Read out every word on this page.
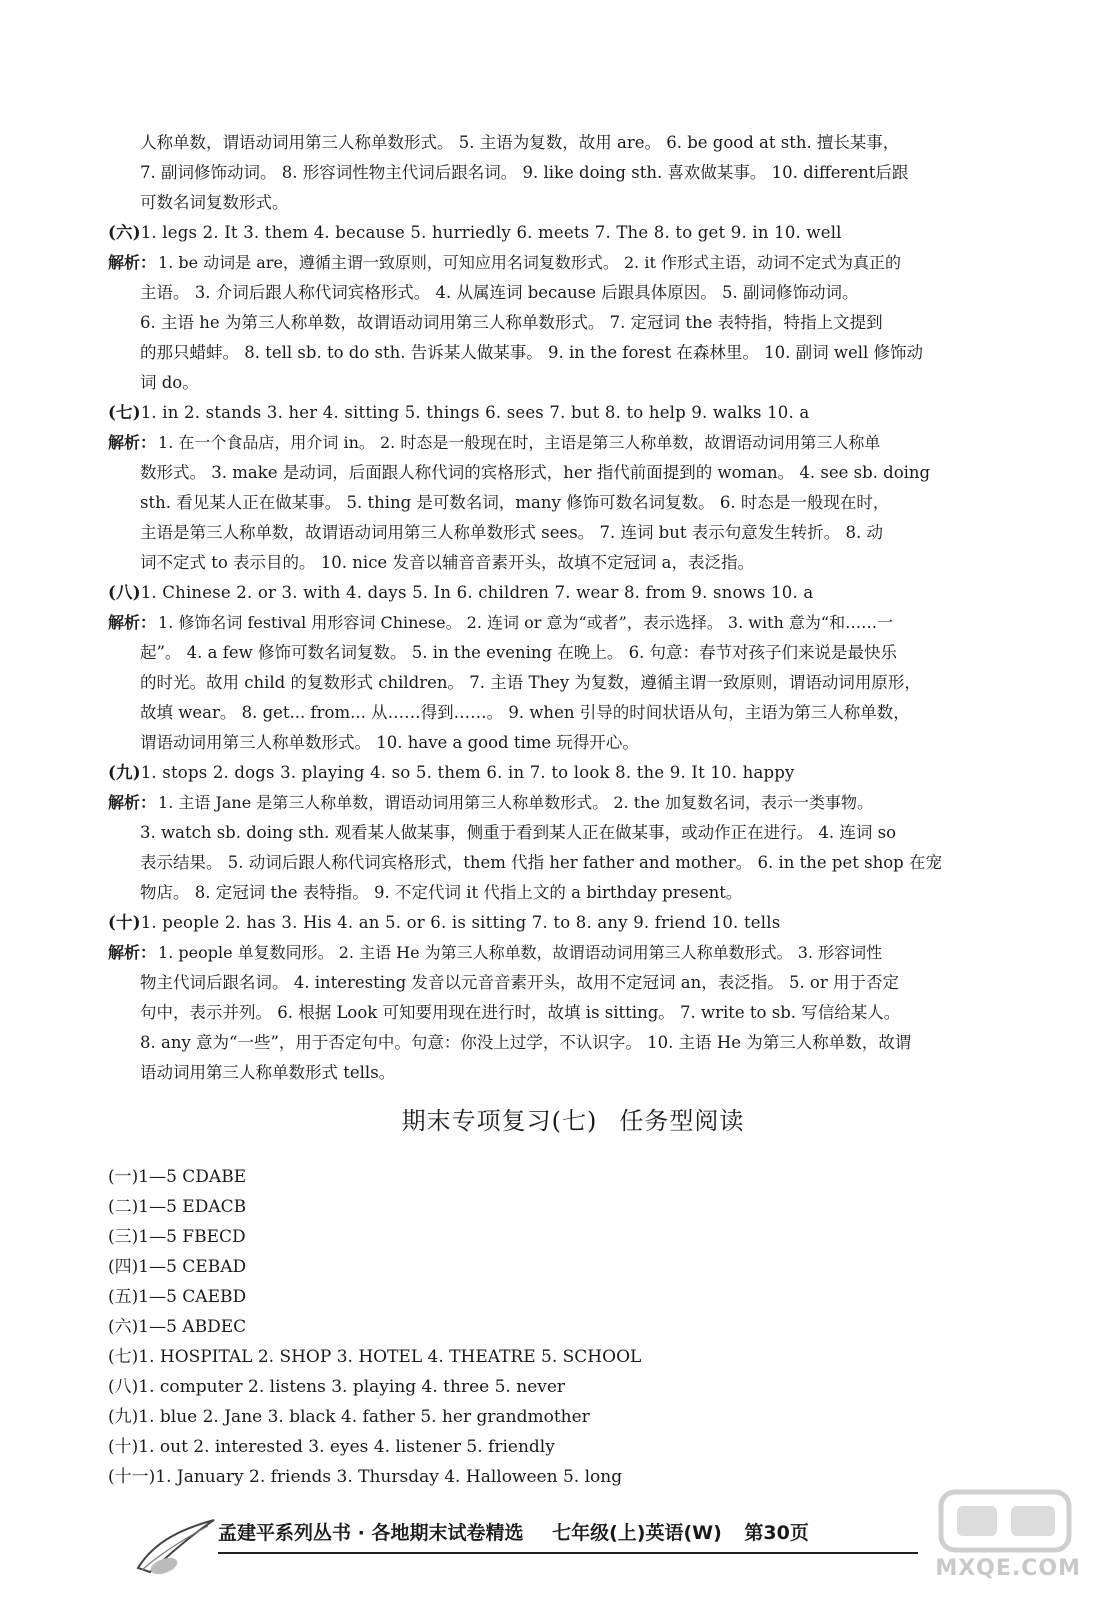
人称单数，谓语动词用第三人称单数形式。 5. 主语为复数，故用 are。 6. be good at sth. 擅长某事，
7. 副词修饰动词。 8. 形容词性物主代词后跟名词。 9. like doing sth. 喜欢做某事。 10. different后跟
可数名词复数形式。
(六)1. legs 2. It 3. them 4. because 5. hurriedly 6. meets 7. The 8. to get 9. in 10. well
解析： 1. be 动词是 are，遵循主谓一致原则，可知应用名词复数形式。 2. it 作形式主语，动词不定式为真正的
主语。 3. 介词后跟人称代词宾格形式。 4. 从属连词 because 后跟具体原因。 5. 副词修饰动词。
6. 主语 he 为第三人称单数，故谓语动词用第三人称单数形式。 7. 定冠词 the 表特指，特指上文提到
的那只蜡蚌。 8. tell sb. to do sth. 告诉某人做某事。 9. in the forest 在森林里。 10. 副词 well 修饰动
词 do。
(七)1. in 2. stands 3. her 4. sitting 5. things 6. sees 7. but 8. to help 9. walks 10. a
解析： 1. 在一个食品店，用介词 in。 2. 时态是一般现在时，主语是第三人称单数，故谓语动词用第三人称单
数形式。 3. make 是动词，后面跟人称代词的宾格形式，her 指代前面提到的 woman。 4. see sb. doing
sth. 看见某人正在做某事。 5. thing 是可数名词，many 修饰可数名词复数。 6. 时态是一般现在时，
主语是第三人称单数，故谓语动词用第三人称单数形式 sees。 7. 连词 but 表示句意发生转折。 8. 动
词不定式 to 表示目的。 10. nice 发音以辅音音素开头，故填不定冠词 a，表泛指。
(八)1. Chinese 2. or 3. with 4. days 5. In 6. children 7. wear 8. from 9. snows 10. a
解析： 1. 修饰名词 festival 用形容词 Chinese。 2. 连词 or 意为“或者”，表示选择。 3. with 意为“和……一
起”。 4. a few 修饰可数名词复数。 5. in the evening 在晚上。 6. 句意：春节对孩子们来说是最快乐
的时光。故用 child 的复数形式 children。 7. 主语 They 为复数，遵循主谓一致原则，谓语动词用原形，
故填 wear。 8. get... from... 从……得到……。 9. when 引导的时间状语从句，主语为第三人称单数，
谓语动词用第三人称单数形式。 10. have a good time 玩得开心。
(九)1. stops 2. dogs 3. playing 4. so 5. them 6. in 7. to look 8. the 9. It 10. happy
解析： 1. 主语 Jane 是第三人称单数，谓语动词用第三人称单数形式。 2. the 加复数名词，表示一类事物。
3. watch sb. doing sth. 观看某人做某事，侧重于看到某人正在做某事，或动作正在进行。 4. 连词 so
表示结果。 5. 动词后跟人称代词宾格形式，them 代指 her father and mother。 6. in the pet shop 在宠
物店。 8. 定冠词 the 表特指。 9. 不定代词 it 代指上文的 a birthday present。
(十)1. people 2. has 3. His 4. an 5. or 6. is sitting 7. to 8. any 9. friend 10. tells
解析： 1. people 单复数同形。 2. 主语 He 为第三人称单数，故谓语动词用第三人称单数形式。 3. 形容词性
物主代词后跟名词。 4. interesting 发音以元音音素开头，故用不定冠词 an，表泛指。 5. or 用于否定
句中，表示并列。 6. 根据 Look 可知要用现在进行时，故填 is sitting。 7. write to sb. 写信给某人。
8. any 意为“一些”，用于否定句中。句意：你没上过学，不认识字。 10. 主语 He 为第三人称单数，故谓
语动词用第三人称单数形式 tells。
期末专项复习(七) 任务型阅读
(一)1—5 CDABE
(二)1—5 EDACB
(三)1—5 FBECD
(四)1—5 CEBAD
(五)1—5 CAEBD
(六)1—5 ABDEC
(七)1. HOSPITAL 2. SHOP 3. HOTEL 4. THEATRE 5. SCHOOL
(八)1. computer 2. listens 3. playing 4. three 5. never
(九)1. blue 2. Jane 3. black 4. father 5. her grandmother
(十)1. out 2. interested 3. eyes 4. listener 5. friendly
(十一)1. January 2. friends 3. Thursday 4. Halloween 5. long
孟建平系列丛书 · 各地期末试卷精选 七年级(上)英语(W) 第30页
MXQE.COM
